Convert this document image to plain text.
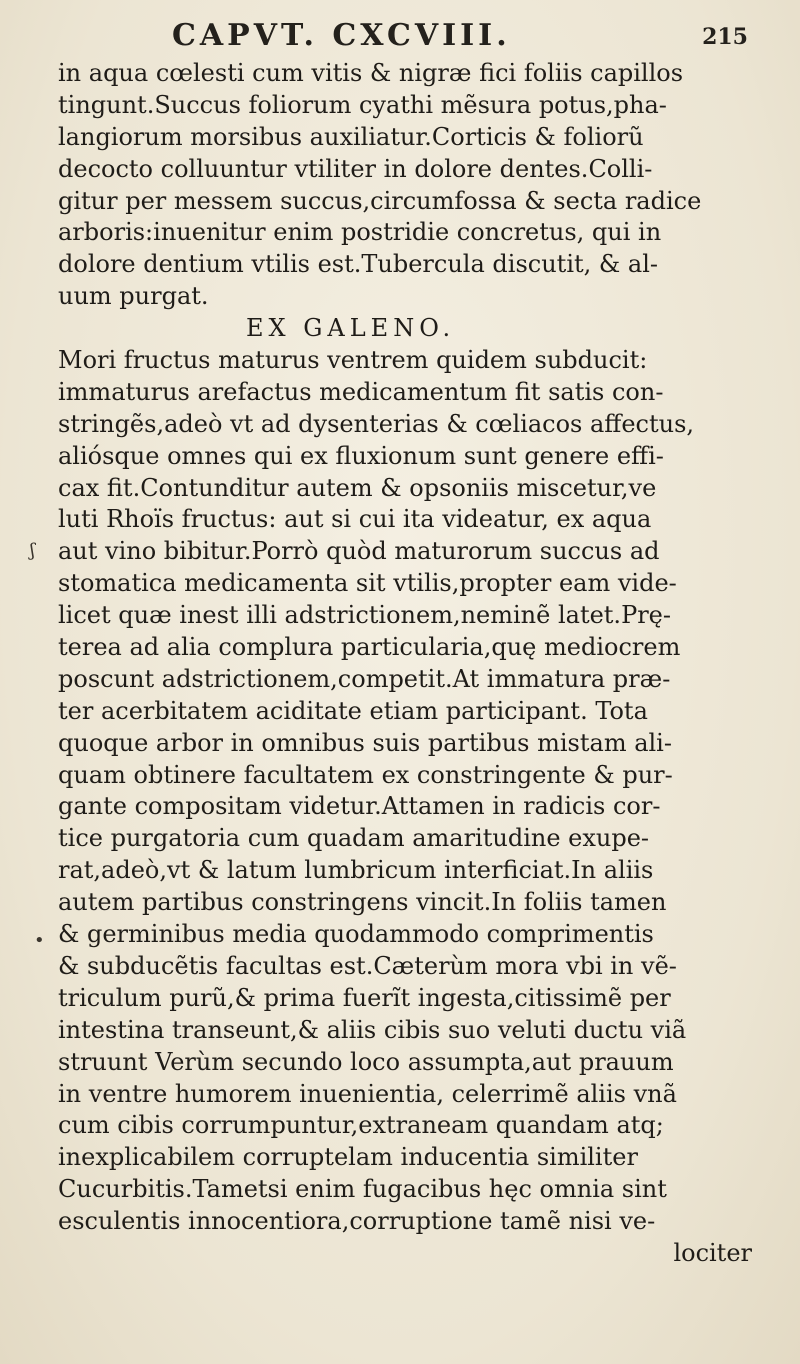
CAPVT. CXCVIII.	215
ʃ
•
in aqua cœlesti cum vitis & nigræ fici foliis capillos
tingunt.Succus foliorum cyathi mẽsura potus,pha-
langiorum morsibus auxiliatur.Corticis & foliorũ
decocto colluuntur vtiliter in dolore dentes.Colli-
gitur per messem succus,circumfossa & secta radice
arboris:inuenitur enim postridie concretus, qui in
dolore dentium vtilis est.Tubercula discutit, & al-
uum purgat.
EX GALENO.
Mori fructus maturus ventrem quidem subducit:
immaturus arefactus medicamentum fit satis con-
stringẽs,adeò vt ad dysenterias & cœliacos affectus,
aliósque omnes qui ex fluxionum sunt genere effi-
cax fit.Contunditur autem & opsoniis miscetur,ve
luti Rhoïs fructus: aut si cui ita videatur, ex aqua
aut vino bibitur.Porrò quòd maturorum succus ad
stomatica medicamenta sit vtilis,propter eam vide-
licet quæ inest illi adstrictionem,neminẽ latet.Prę-
terea ad alia complura particularia,quę mediocrem
poscunt adstrictionem,competit.At immatura præ-
ter acerbitatem aciditate etiam participant. Tota
quoque arbor in omnibus suis partibus mistam ali-
quam obtinere facultatem ex constringente & pur-
gante compositam videtur.Attamen in radicis cor-
tice purgatoria cum quadam amaritudine exupe-
rat,adeò,vt & latum lumbricum interficiat.In aliis
autem partibus constringens vincit.In foliis tamen
& germinibus media quodammodo comprimentis
& subducẽtis facultas est.Cæterùm mora vbi in vẽ-
triculum purũ,& prima fuerĩt ingesta,citissimẽ per
intestina transeunt,& aliis cibis suo veluti ductu viã
struunt Verùm secundo loco assumpta,aut prauum
in ventre humorem inuenientia, celerrimẽ aliis vnã
cum cibis corrumpuntur,extraneam quandam atq;
inexplicabilem corruptelam inducentia similiter
Cucurbitis.Tametsi enim fugacibus hęc omnia sint
esculentis innocentiora,corruptione tamẽ nisi ve-
lociter
